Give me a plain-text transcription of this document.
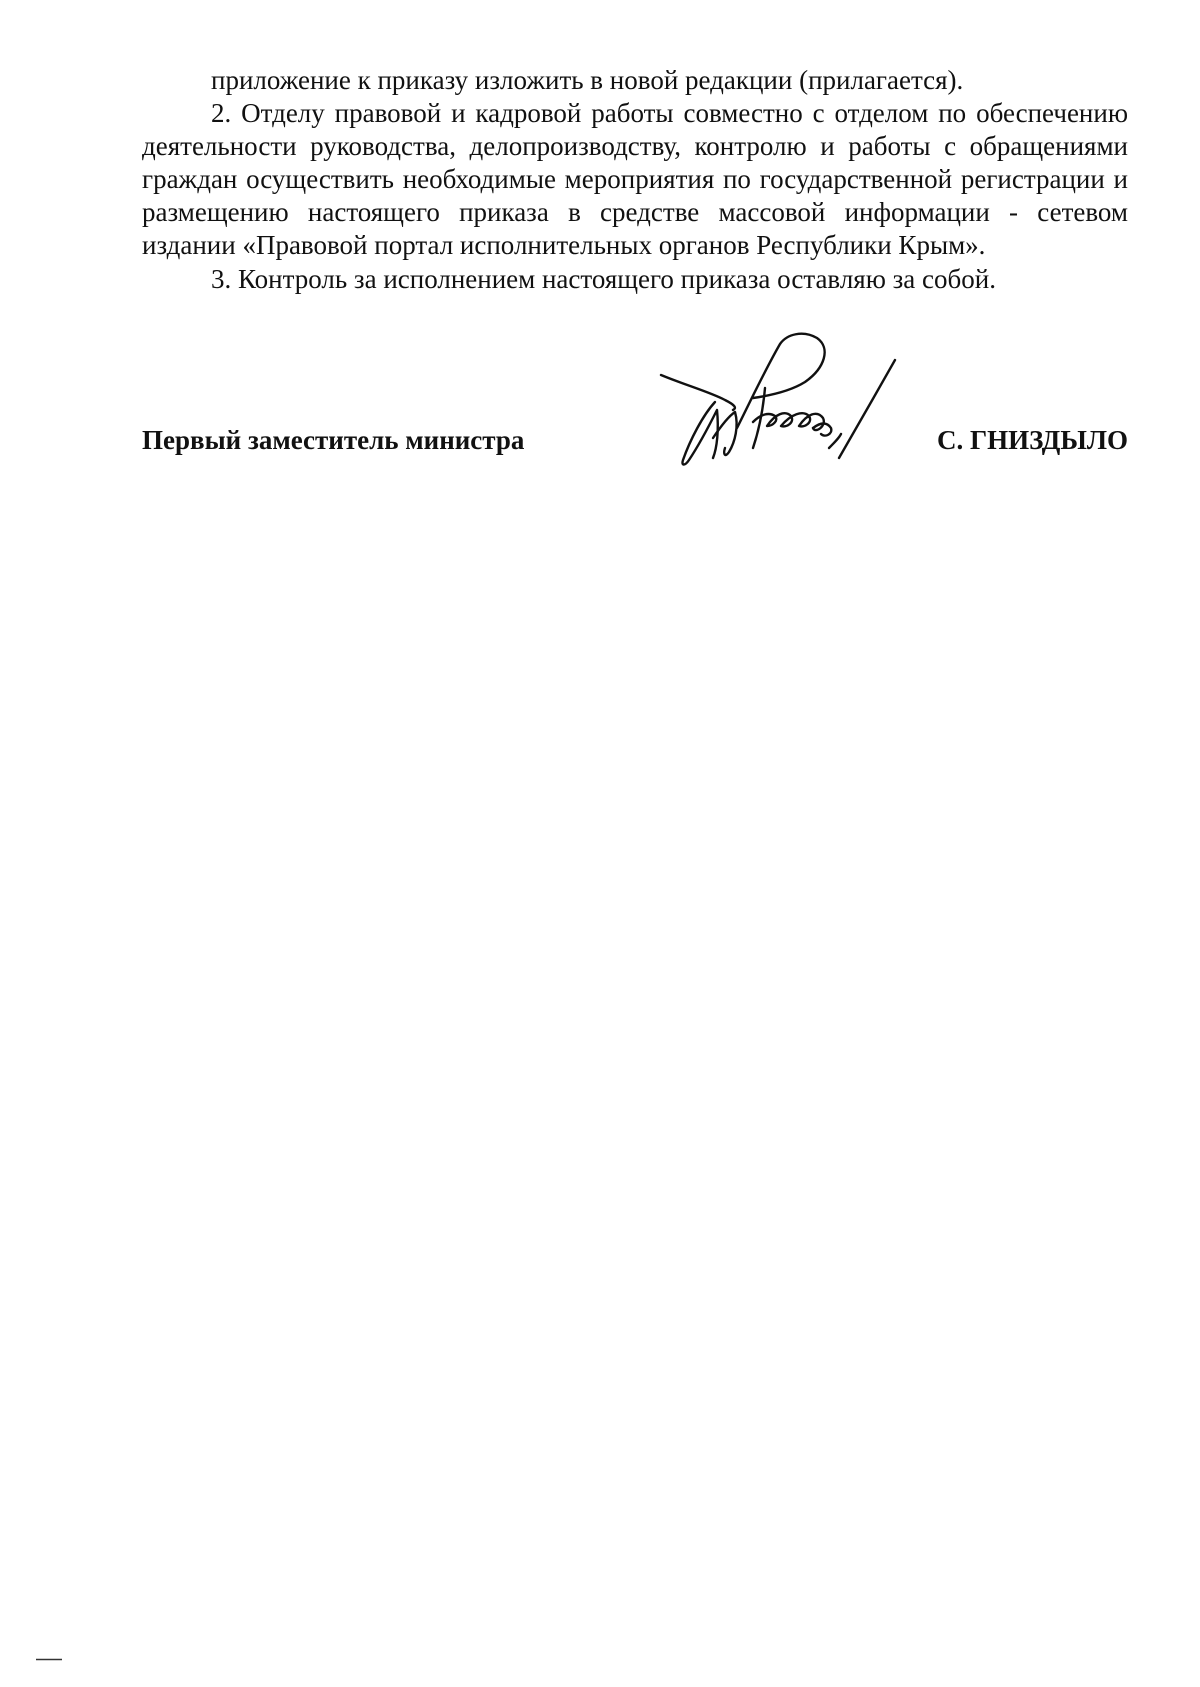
приложение к приказу изложить в новой редакции (прилагается).

2. Отделу правовой и кадровой работы совместно с отделом по обеспечению деятельности руководства, делопроизводству, контролю и работы с обращениями граждан осуществить необходимые мероприятия по государственной регистрации и размещению настоящего приказа в средстве массовой информации - сетевом издании «Правовой портал исполнительных органов Республики Крым».

3. Контроль за исполнением настоящего приказа оставляю за собой.

Первый заместитель министра	С. ГНИЗДЫЛО
